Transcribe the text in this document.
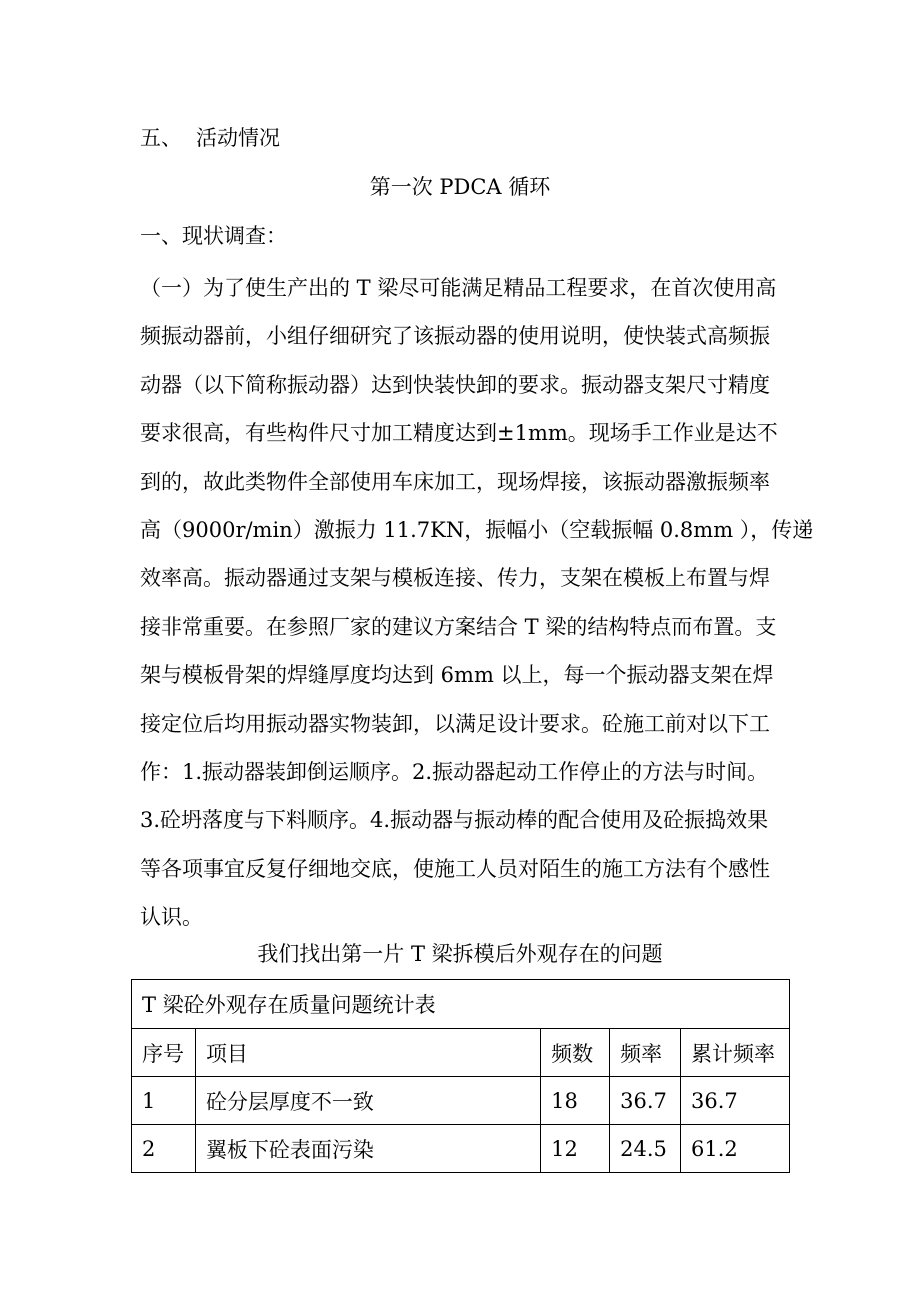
五、 活动情况
第一次 PDCA 循环
一、现状调查：
（一）为了使生产出的 T 梁尽可能满足精品工程要求，在首次使用高
频振动器前，小组仔细研究了该振动器的使用说明，使快装式高频振
动器（以下简称振动器）达到快装快卸的要求。振动器支架尺寸精度
要求很高，有些构件尺寸加工精度达到±1mm。现场手工作业是达不
到的，故此类物件全部使用车床加工，现场焊接，该振动器激振频率
高（9000r/min）激振力 11.7KN，振幅小（空载振幅 0.8mm ），传递
效率高。振动器通过支架与模板连接、传力，支架在模板上布置与焊
接非常重要。在参照厂家的建议方案结合 T 梁的结构特点而布置。支
架与模板骨架的焊缝厚度均达到 6mm 以上，每一个振动器支架在焊
接定位后均用振动器实物装卸，以满足设计要求。砼施工前对以下工
作：1.振动器装卸倒运顺序。2.振动器起动工作停止的方法与时间。
3.砼坍落度与下料顺序。4.振动器与振动棒的配合使用及砼振捣效果
等各项事宜反复仔细地交底，使施工人员对陌生的施工方法有个感性
认识。
我们找出第一片 T 梁拆模后外观存在的问题
T 梁砼外观存在质量问题统计表				
序号	项目	频数	频率	累计频率
1	砼分层厚度不一致	18	36.7	36.7
2	翼板下砼表面污染	12	24.5	61.2
